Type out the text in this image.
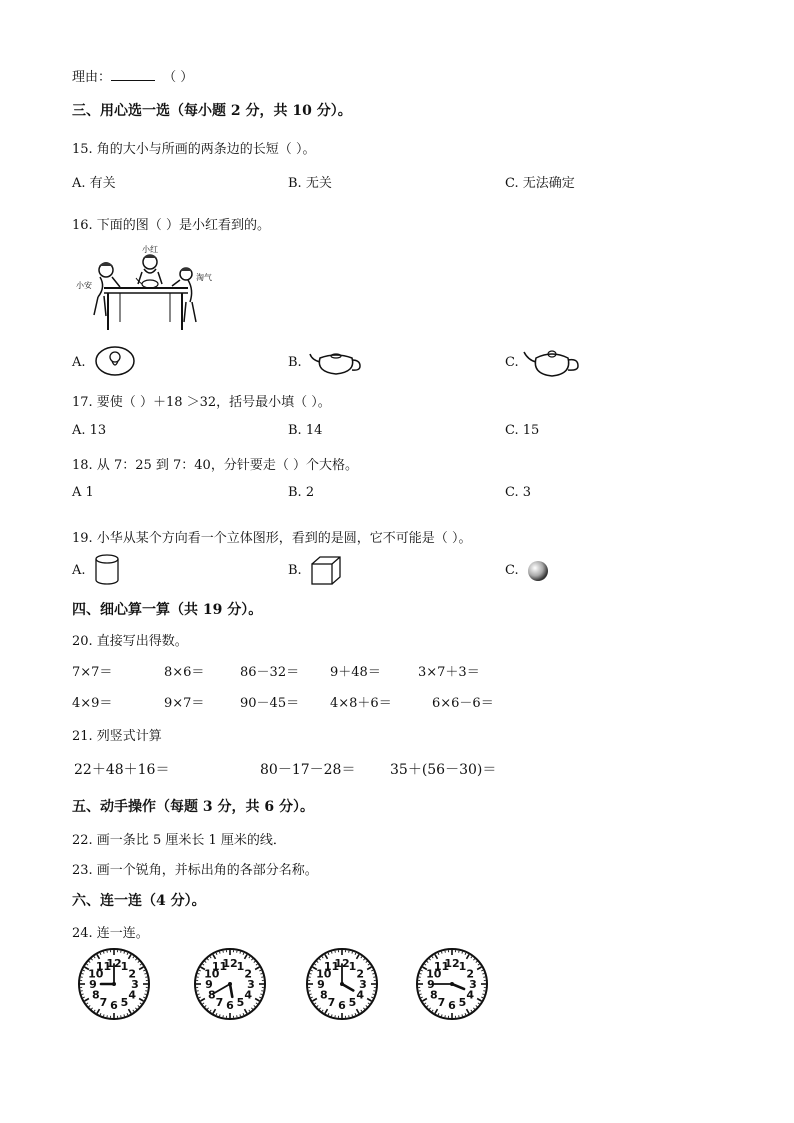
理由：	（ ）
三、用心选一选（每小题 2 分，共 10 分）。
15. 角的大小与所画的两条边的长短（ ）。
A. 有关	B. 无关	C. 无法确定
16. 下面的图（ ）是小红看到的。
小安
小红
淘气
A.	B.	C.
17. 要使（ ）＋18 ＞32，括号最小填（ ）。
A. 13	B. 14	C. 15
18. 从 7：25 到 7：40，分针要走（ ）个大格。
A 1	B. 2	C. 3
19. 小华从某个方向看一个立体图形，看到的是圆，它不可能是（ ）。
A.	B.	C.
四、细心算一算（共 19 分）。
20. 直接写出得数。
7×7＝	8×6＝	86－32＝ 9＋48＝	3×7＋3＝
4×9＝	9×7＝	90－45＝ 4×8＋6＝	6×6－6＝
21. 列竖式计算
22＋48＋16＝	80－17－28＝ 35＋(56－30)＝
五、动手操作（每题 3 分，共 6 分）。
22. 画一条比 5 厘米长 1 厘米的线．
23. 画一个锐角，并标出角的各部分名称。
六、连一连（4 分）。
24. 连一连。
12 1
2
3
4
5
6
7
8
9
10
11	12 1
2
3
4
5
6
7
8
9
10
11	12 1
2
3
4
5
6
7
8
9
10
11	12 1
2
3
4
5
6
7
8
9
10
11
